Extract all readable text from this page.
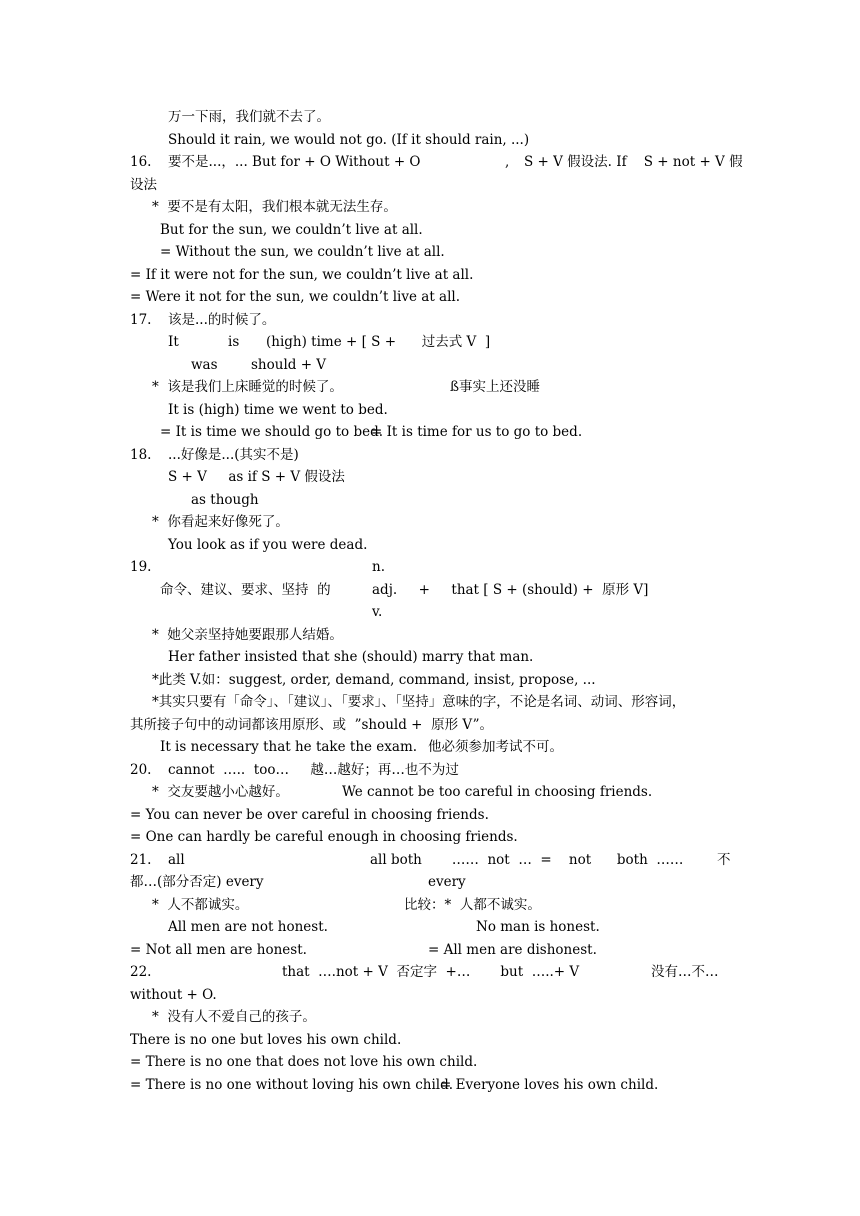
万一下雨，我们就不去了。
Should it rain, we would not go. (If it should rain, ...)
16. 要不是...，... But for + O Without + O	, S + V 假设法. If    S + not + V 假
设法
*  要不是有太阳，我们根本就无法生存。
But for the sun, we couldn’t live at all.
= Without the sun, we couldn’t live at all.
= If it were not for the sun, we couldn’t live at all.
= Were it not for the sun, we couldn’t live at all.
17. 该是...的时候了。
It	is (high) time + [ S +      过去式 V  ]
was should + V
*  该是我们上床睡觉的时候了。	ß事实上还没睡
It is (high) time we went to bed.
= It is time we should go to bed.
= It is time for us to go to bed.
18. ...好像是...(其实不是)
S + V     as if S + V 假设法
as though
*  你看起来好像死了。
You look as if you were dead.
19.	n.
命令、建议、要求、坚持  的	adj.     +     that [ S + (should) +  原形 V]
v.
*  她父亲坚持她要跟那人结婚。
Her father insisted that she (should) marry that man.
*此类 V.如：suggest, order, demand, command, insist, propose, ...
*其实只要有「命令」、「建议」、「要求」、「坚持」意味的字，不论是名词、动词、形容词，
其所接子句中的动词都该用原形、或  ”should +  原形 V”。
It is necessary that he take the exam. 他必须参加考试不可。
20. cannot  …..  too…     越…越好；再…也不为过
*  交友要越小心越好。	We cannot be too careful in choosing friends.
= You can never be over careful in choosing friends.
= One can hardly be careful enough in choosing friends.
21. all	all both       ……  not  …  =    not      both  …… 不
都…(部分否定) every	every
*  人不都诚实。	比较：*  人都不诚实。
All men are not honest.	No man is honest.
= Not all men are honest.	= All men are dishonest.
22.	that  ….not + V  否定字  +…       but  …..+ V	没有…不…
without + O.
*  没有人不爱自己的孩子。
There is no one but loves his own child.
= There is no one that does not love his own child.
= There is no one without loving his own child.
= Everyone loves his own child.
